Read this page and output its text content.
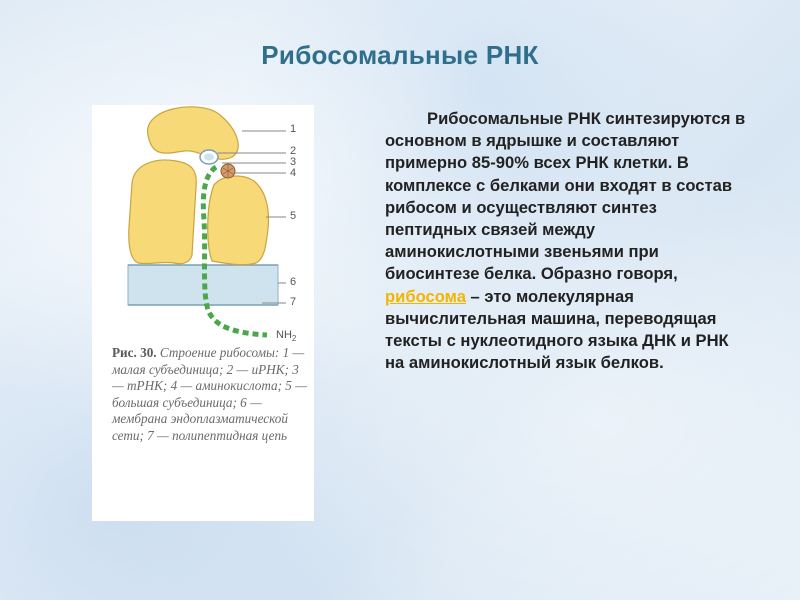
Рибосомальные РНК
1
2
3
4
5
6
7
$NH_2$
Рис. 30. Строение рибосомы: 1 — малая субъединица; 2 — иРНК; 3 — тРНК; 4 — аминокислота; 5 — большая субъединица; 6 — мембрана эндоплазматической сети; 7 — полипептидная цепь
Рибосомальные РНК синтезируются в основном в ядрышке и составляют примерно 85-90% всех РНК клетки. В комплексе с белками они входят в состав рибосом и осуществляют синтез пептидных связей между аминокислотными звеньями при биосинтезе белка. Образно говоря, рибосома – это молекулярная вычислительная машина, переводящая тексты с нуклеотидного языка ДНК и РНК на аминокислотный язык белков.
